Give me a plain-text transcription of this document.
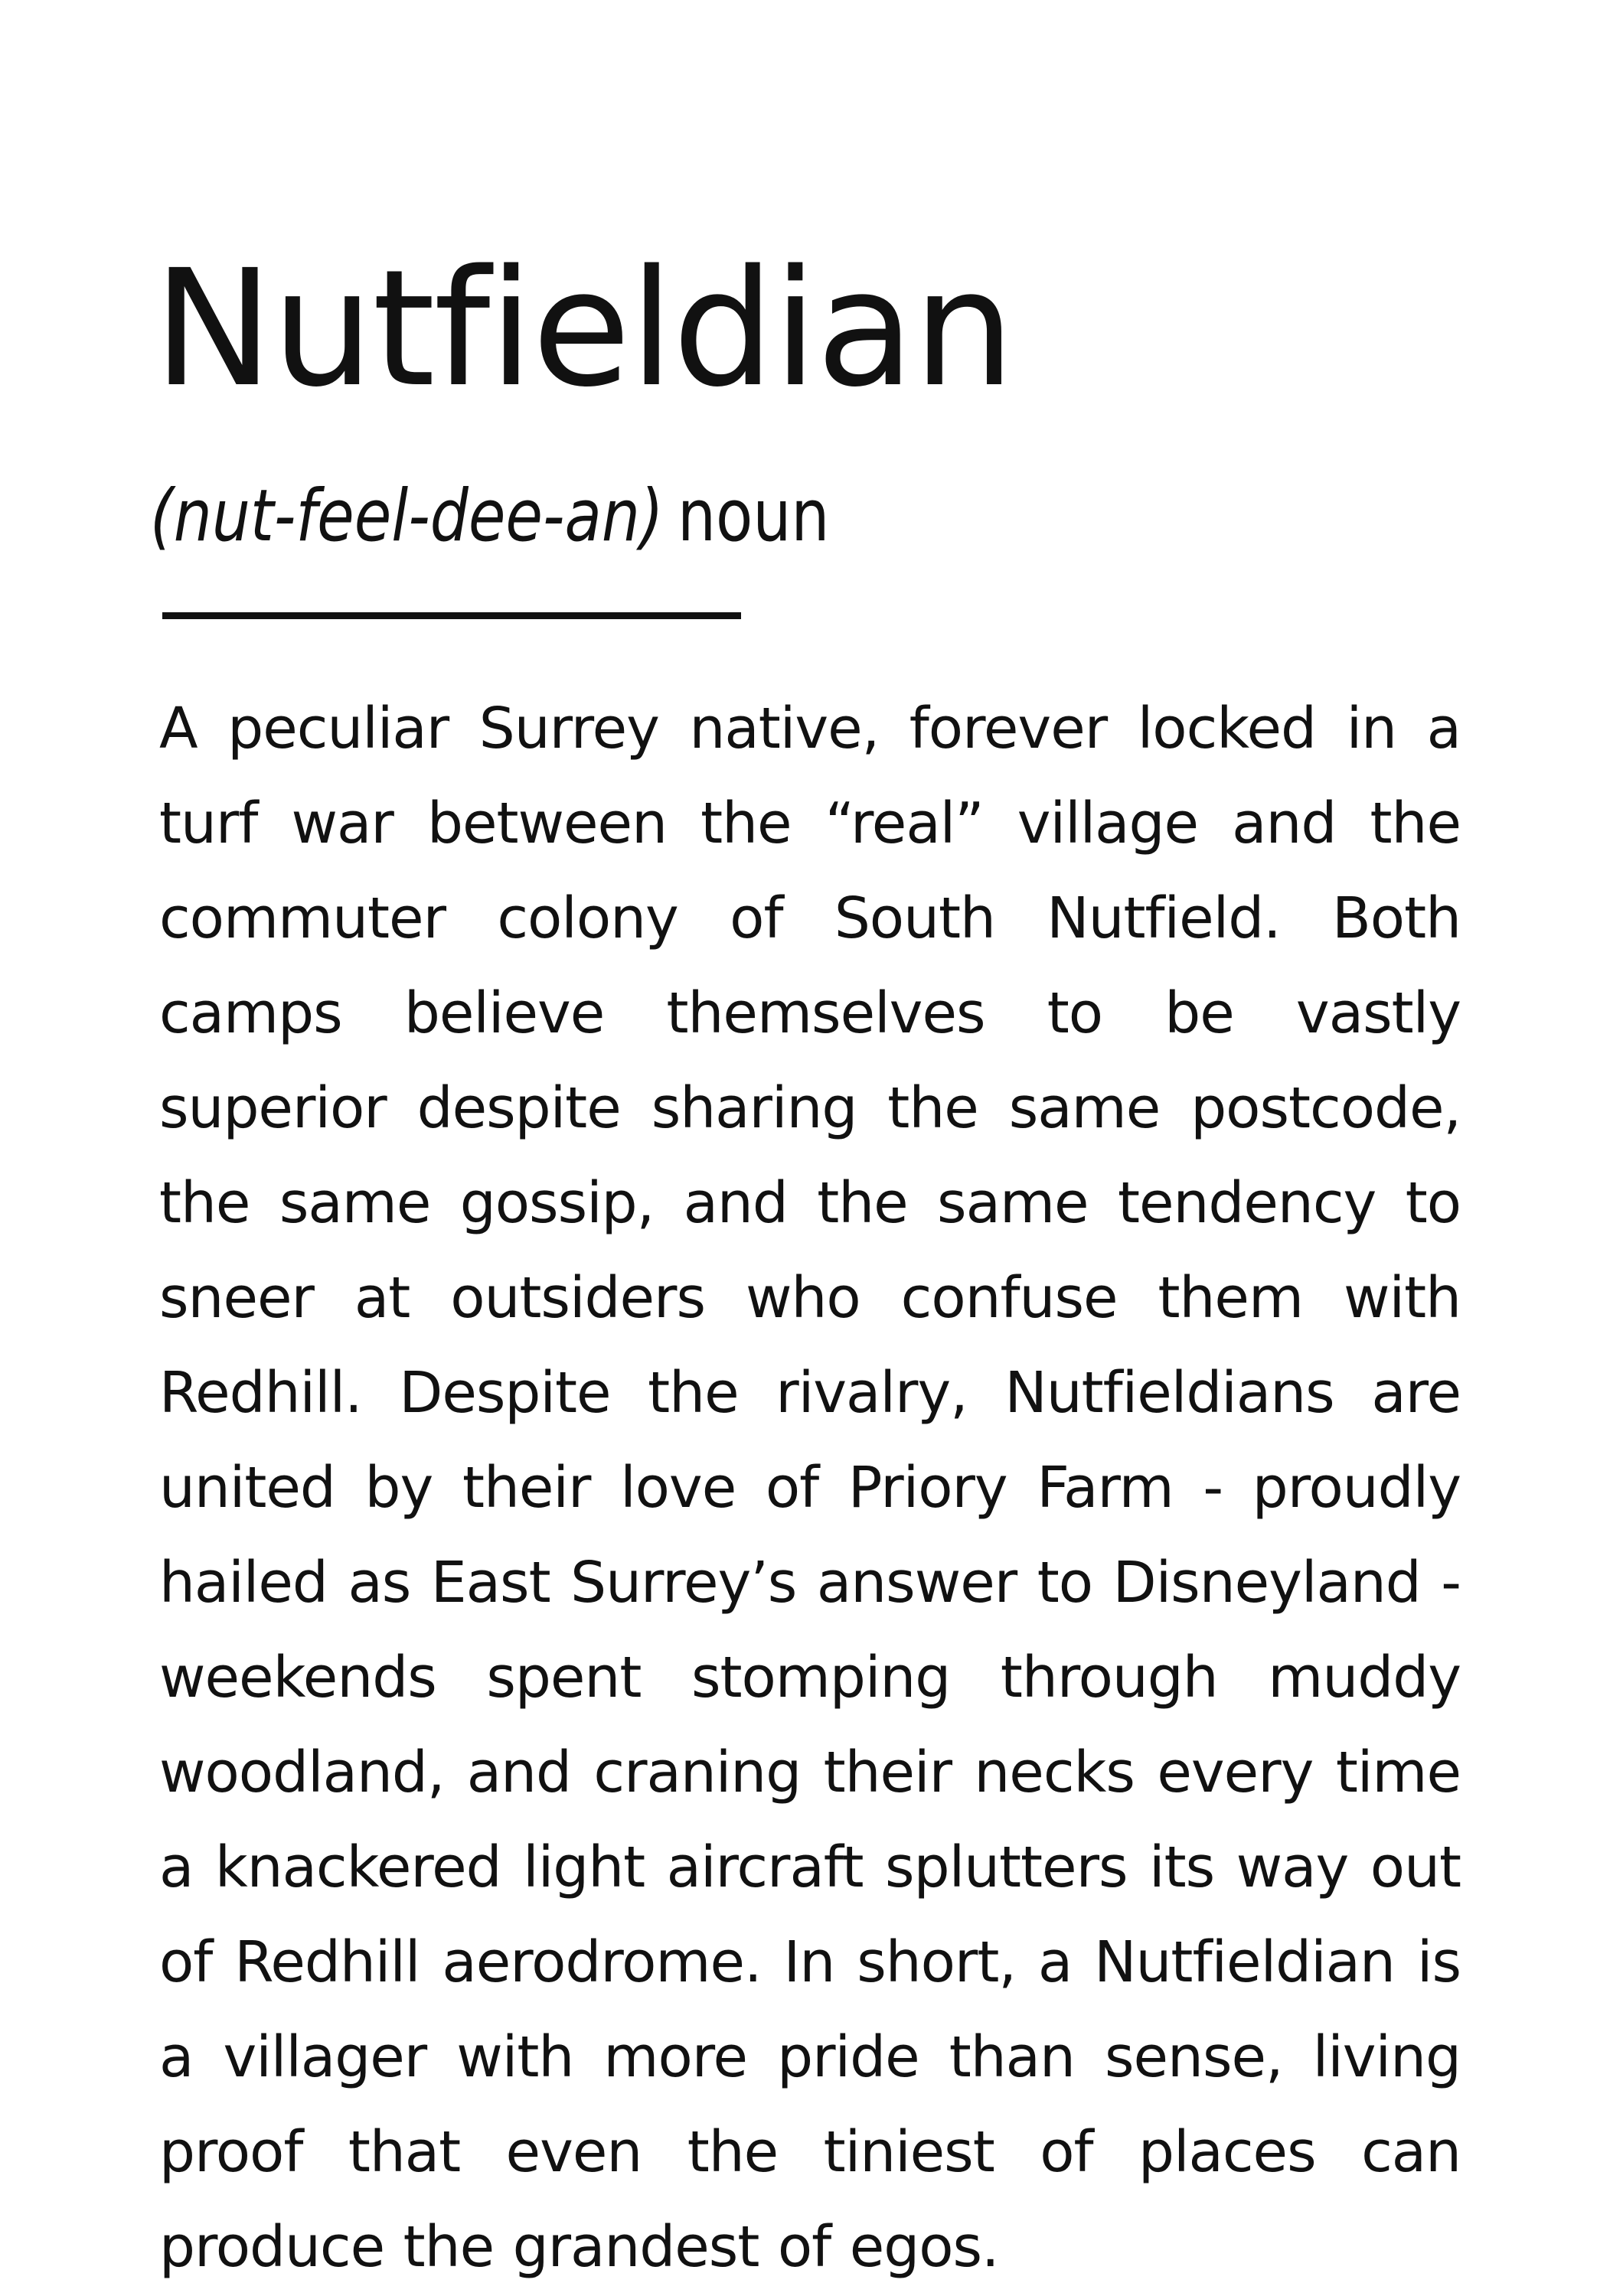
Nutfieldian
(nut-feel-dee-an) noun

A peculiar Surrey native, forever locked in a turf war between the “real” village and the commuter colony of South Nutfield. Both camps believe themselves to be vastly superior despite sharing the same postcode, the same gossip, and the same tendency to sneer at outsiders who confuse them with Redhill. Despite the rivalry, Nutfieldians are united by their love of Priory Farm - proudly hailed as East Surrey’s answer to Disneyland - weekends spent stomping through muddy woodland, and craning their necks every time a knackered light aircraft splutters its way out of Redhill aerodrome. In short, a Nutfieldian is a villager with more pride than sense, living proof that even the tiniest of places can produce the grandest of egos.
